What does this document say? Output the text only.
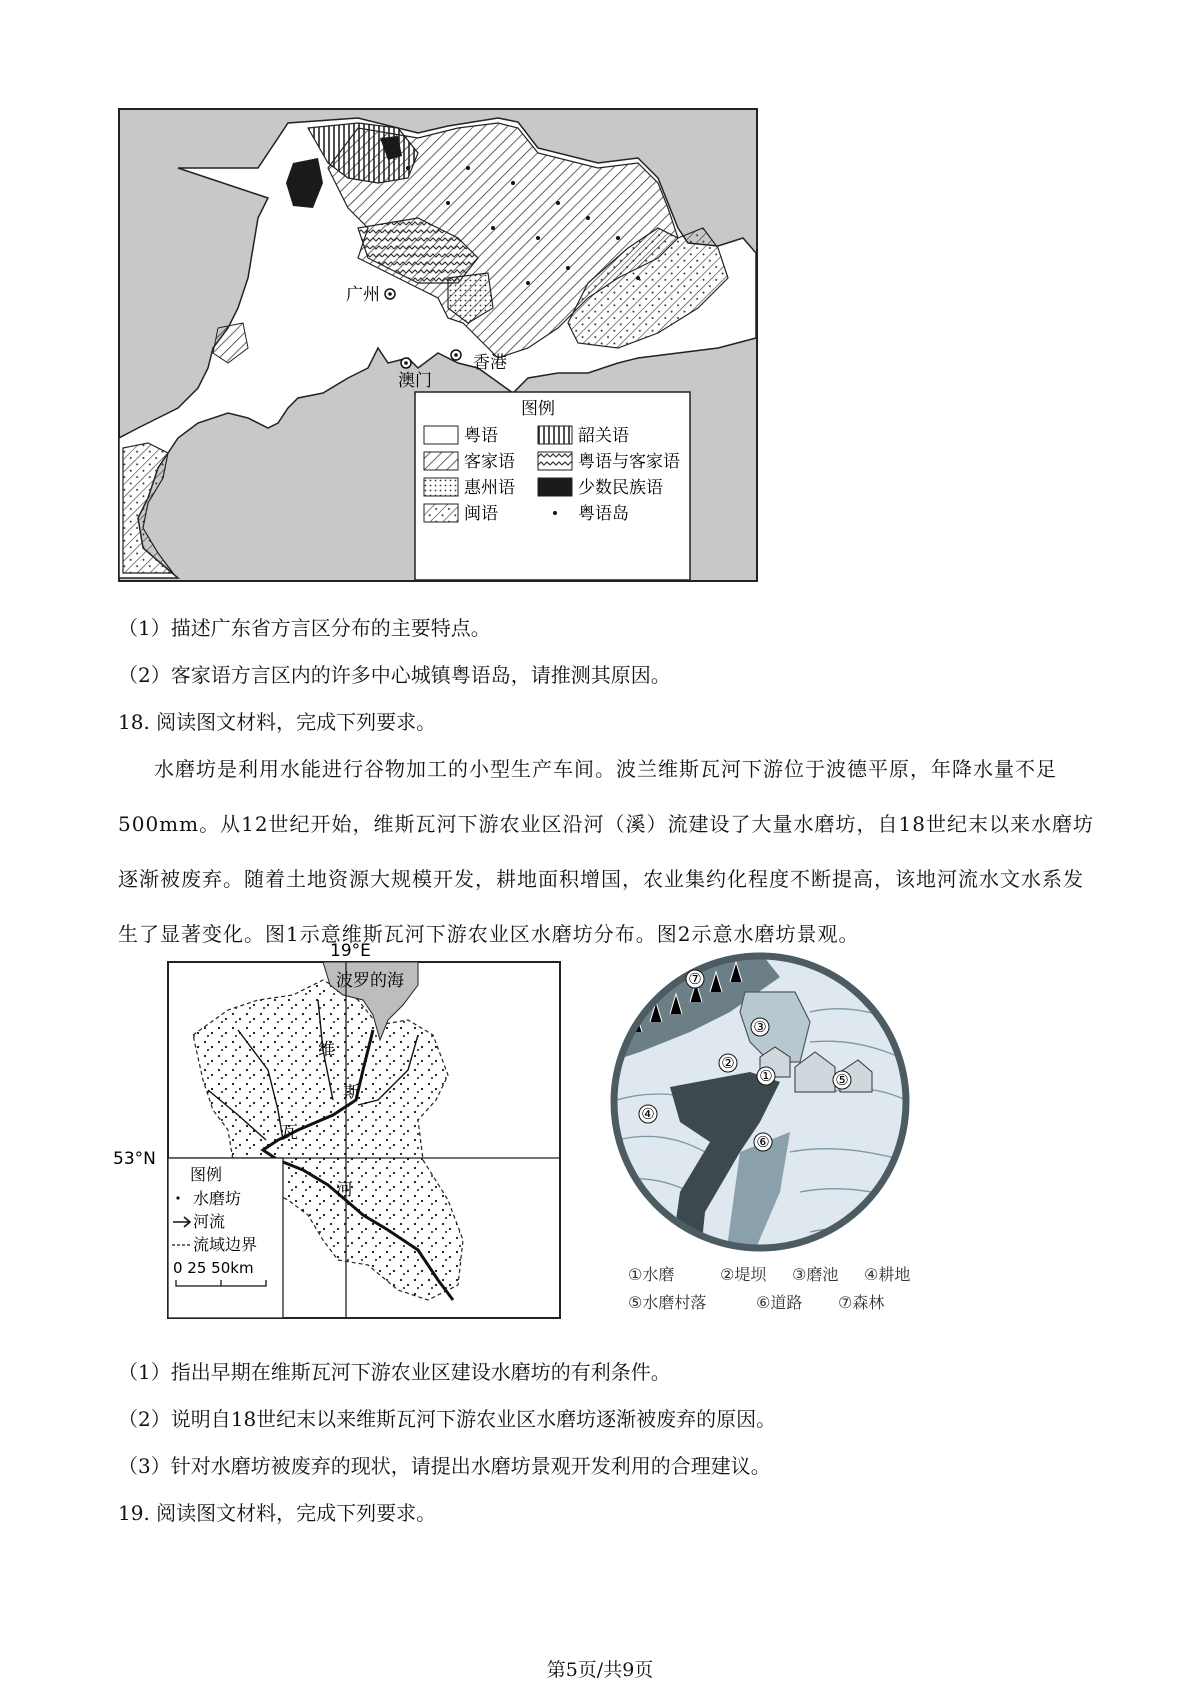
广州
澳门
香港
图例
粤语	韶关语
客家语	粤语与客家语
惠州语	少数民族语
闽语	粤语岛
（1）描述广东省方言区分布的主要特点。
（2）客家语方言区内的许多中心城镇粤语岛，请推测其原因。
18. 阅读图文材料，完成下列要求。
水磨坊是利用水能进行谷物加工的小型生产车间。波兰维斯瓦河下游位于波德平原，年降水量不足500mm。从12世纪开始，维斯瓦河下游农业区沿河（溪）流建设了大量水磨坊，自18世纪末以来水磨坊逐渐被废弃。随着土地资源大规模开发，耕地面积增国，农业集约化程度不断提高，该地河流水文水系发生了显著变化。图1示意维斯瓦河下游农业区水磨坊分布。图2示意水磨坊景观。
波罗的海
19°E
53°N
维
斯
瓦
河
图例
水磨坊
河流
流域边界
0 25 50km
⑦
③
②
①	⑤
④
⑥
①水磨	②堤坝 ③磨池 ④耕地
⑤水磨村落	⑥道路 ⑦森林
（1）指出早期在维斯瓦河下游农业区建设水磨坊的有利条件。
（2）说明自18世纪末以来维斯瓦河下游农业区水磨坊逐渐被废弃的原因。
（3）针对水磨坊被废弃的现状，请提出水磨坊景观开发利用的合理建议。
19. 阅读图文材料，完成下列要求。
第5页/共9页
